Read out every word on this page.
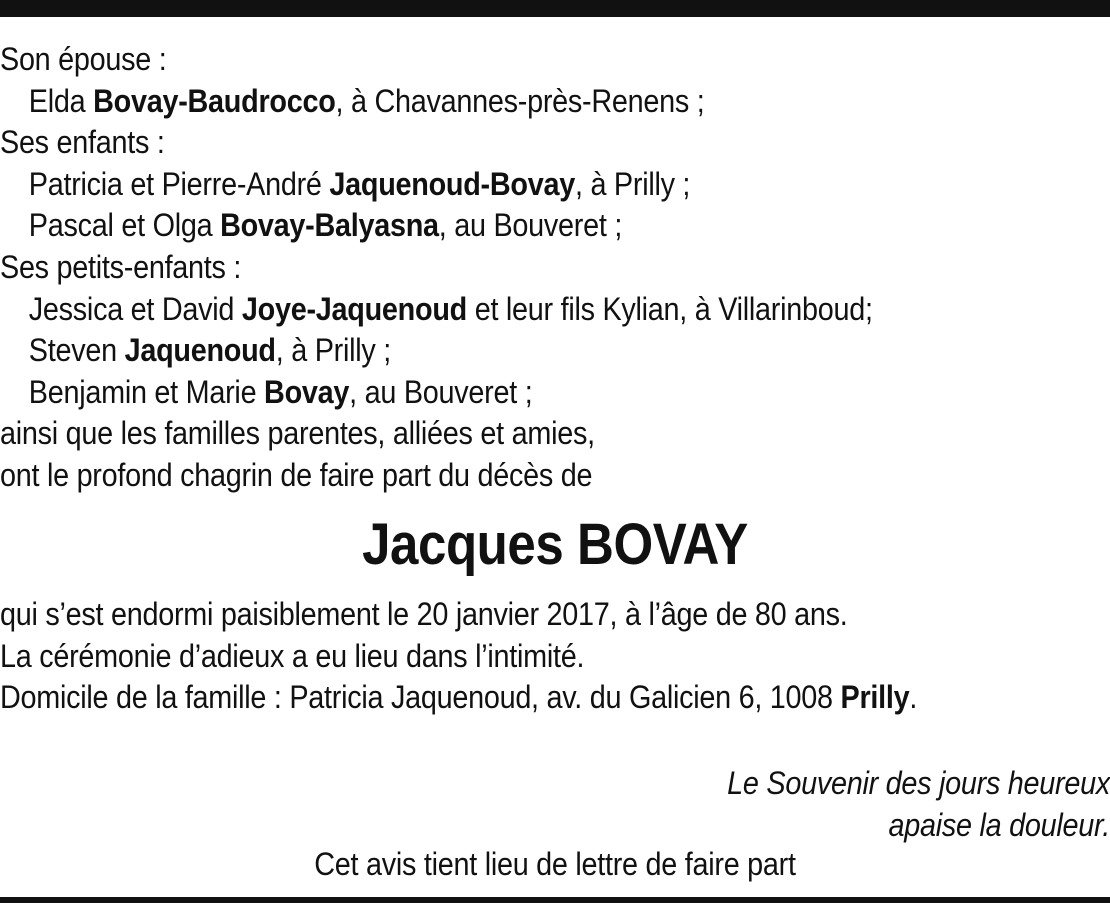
Son épouse :
Elda Bovay-Baudrocco, à Chavannes-près-Renens ;
Ses enfants :
Patricia et Pierre-André Jaquenoud-Bovay, à Prilly ;
Pascal et Olga Bovay-Balyasna, au Bouveret ;
Ses petits-enfants :
Jessica et David Joye-Jaquenoud et leur fils Kylian, à Villarinboud;
Steven Jaquenoud, à Prilly ;
Benjamin et Marie Bovay, au Bouveret ;
ainsi que les familles parentes, alliées et amies,
ont le profond chagrin de faire part du décès de
Jacques BOVAY
qui s’est endormi paisiblement le 20 janvier 2017, à l’âge de 80 ans.
La cérémonie d’adieux a eu lieu dans l’intimité.
Domicile de la famille : Patricia Jaquenoud, av. du Galicien 6, 1008 Prilly.
Le Souvenir des jours heureux
apaise la douleur.
Cet avis tient lieu de lettre de faire part
